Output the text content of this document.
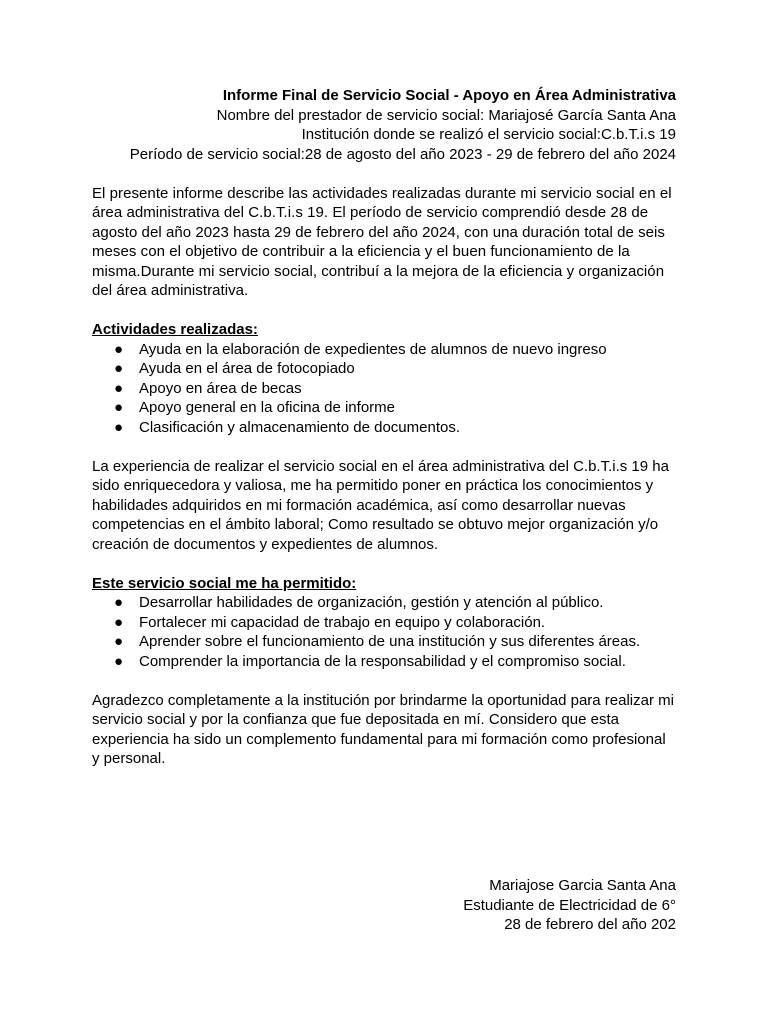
Informe Final de Servicio Social - Apoyo en Área Administrativa
Nombre del prestador de servicio social: Mariajosé García Santa Ana
Institución donde se realizó el servicio social:C.b.T.i.s 19
Período de servicio social:28 de agosto del año 2023 - 29 de febrero del año 2024

El presente informe describe las actividades realizadas durante mi servicio social en el área administrativa del C.b.T.i.s 19. El período de servicio comprendió desde 28 de agosto del año 2023 hasta 29 de febrero del año 2024, con una duración total de seis meses con el objetivo de contribuir a la eficiencia y el buen funcionamiento de la misma.Durante mi servicio social, contribuí a la mejora de la eficiencia y organización del área administrativa.

Actividades realizadas:
● Ayuda en la elaboración de expedientes de alumnos de nuevo ingreso
● Ayuda en el área de fotocopiado
● Apoyo en área de becas
● Apoyo general en la oficina de informe
● Clasificación y almacenamiento de documentos.

La experiencia de realizar el servicio social en el área administrativa del C.b.T.i.s 19 ha sido enriquecedora y valiosa, me ha permitido poner en práctica los conocimientos y habilidades adquiridos en mi formación académica, así como desarrollar nuevas competencias en el ámbito laboral; Como resultado se obtuvo mejor organización y/o creación de documentos y expedientes de alumnos.

Este servicio social me ha permitido:
● Desarrollar habilidades de organización, gestión y atención al público.
● Fortalecer mi capacidad de trabajo en equipo y colaboración.
● Aprender sobre el funcionamiento de una institución y sus diferentes áreas.
● Comprender la importancia de la responsabilidad y el compromiso social.

Agradezco completamente a la institución por brindarme la oportunidad para realizar mi servicio social y por la confianza que fue depositada en mí. Considero que esta experiencia ha sido un complemento fundamental para mi formación como profesional y personal.

Mariajose Garcia Santa Ana
Estudiante de Electricidad de 6°
28 de febrero del año 202
